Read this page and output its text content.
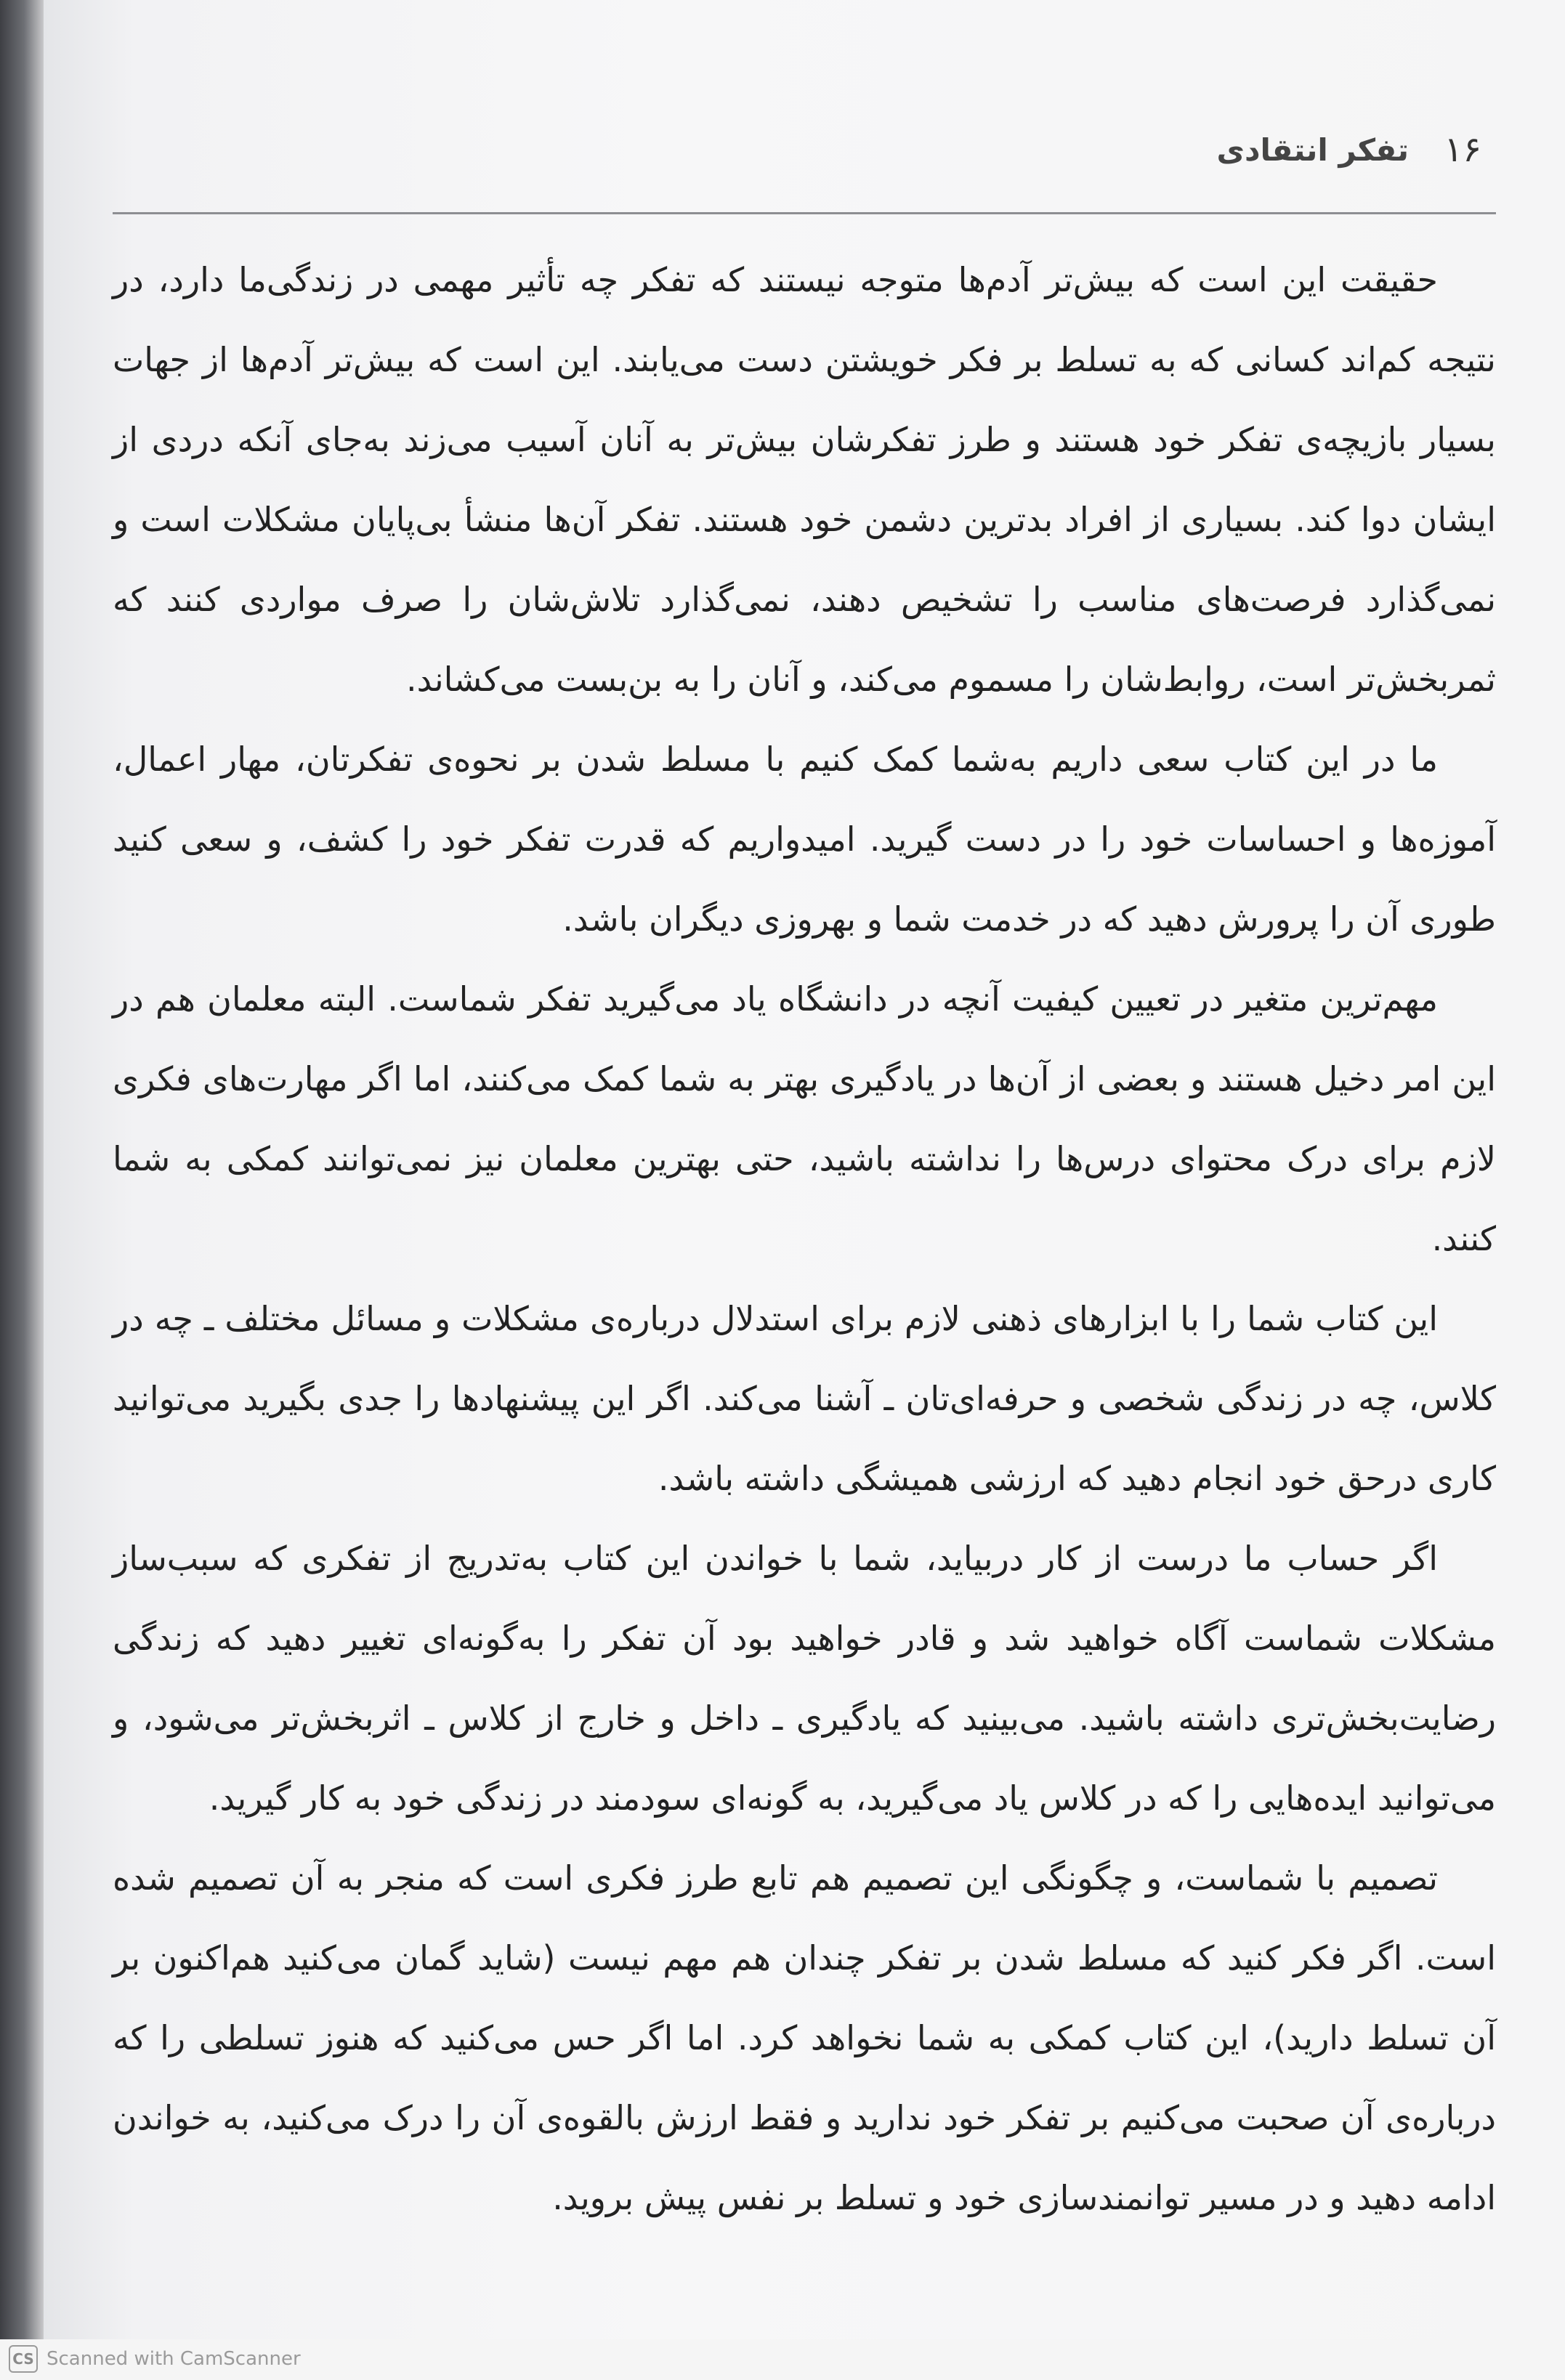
۱۶
تفکر انتقادی

حقیقت این است که بیش‌تر آدم‌ها متوجه نیستند که تفکر چه تأثیر مهمی در زندگی‌ما دارد، در نتیجه کم‌اند کسانی که به تسلط بر فکر خویشتن دست می‌یابند. این است که بیش‌تر آدم‌ها از جهات بسیار بازیچه‌ی تفکر خود هستند و طرز تفکرشان بیش‌تر به آنان آسیب می‌زند به‌جای آنکه دردی از ایشان دوا کند. بسیاری از افراد بدترین دشمن خود هستند. تفکر آن‌ها منشأ بی‌پایان مشکلات است و نمی‌گذارد فرصت‌های مناسب را تشخیص دهند، نمی‌گذارد تلاش‌شان را صرف مواردی کنند که ثمربخش‌تر است، روابط‌شان را مسموم می‌کند، و آنان را به بن‌بست می‌کشاند.

ما در این کتاب سعی داریم به‌شما کمک کنیم با مسلط شدن بر نحوه‌ی تفکرتان، مهار اعمال، آموزه‌ها و احساسات خود را در دست گیرید. امیدواریم که قدرت تفکر خود را کشف، و سعی کنید طوری آن را پرورش دهید که در خدمت شما و بهروزی دیگران باشد.

مهم‌ترین متغیر در تعیین کیفیت آنچه در دانشگاه یاد می‌گیرید تفکر شماست. البته معلمان هم در این امر دخیل هستند و بعضی از آن‌ها در یادگیری بهتر به شما کمک می‌کنند، اما اگر مهارت‌های فکری لازم برای درک محتوای درس‌ها را نداشته باشید، حتی بهترین معلمان نیز نمی‌توانند کمکی به شما کنند.

این کتاب شما را با ابزارهای ذهنی لازم برای استدلال درباره‌ی مشکلات و مسائل مختلف ـ چه در کلاس، چه در زندگی شخصی و حرفه‌ای‌تان ـ آشنا می‌کند. اگر این پیشنهادها را جدی بگیرید می‌توانید کاری درحق خود انجام دهید که ارزشی همیشگی داشته باشد.

اگر حساب ما درست از کار دربیاید، شما با خواندن این کتاب به‌تدریج از تفکری که سبب‌ساز مشکلات شماست آگاه خواهید شد و قادر خواهید بود آن تفکر را به‌گونه‌ای تغییر دهید که زندگی رضایت‌بخش‌تری داشته باشید. می‌بینید که یادگیری ـ داخل و خارج از کلاس ـ اثربخش‌تر می‌شود، و می‌توانید ایده‌هایی را که در کلاس یاد می‌گیرید، به گونه‌ای سودمند در زندگی خود به کار گیرید.

تصمیم با شماست، و چگونگی این تصمیم هم تابع طرز فکری است که منجر به آن تصمیم شده است. اگر فکر کنید که مسلط شدن بر تفکر چندان هم مهم نیست (شاید گمان می‌کنید هم‌اکنون بر آن تسلط دارید)، این کتاب کمکی به شما نخواهد کرد. اما اگر حس می‌کنید که هنوز تسلطی را که درباره‌ی آن صحبت می‌کنیم بر تفکر خود ندارید و فقط ارزش بالقوه‌ی آن را درک می‌کنید، به خواندن ادامه دهید و در مسیر توانمندسازی خود و تسلط بر نفس پیش بروید.

CS Scanned with CamScanner
